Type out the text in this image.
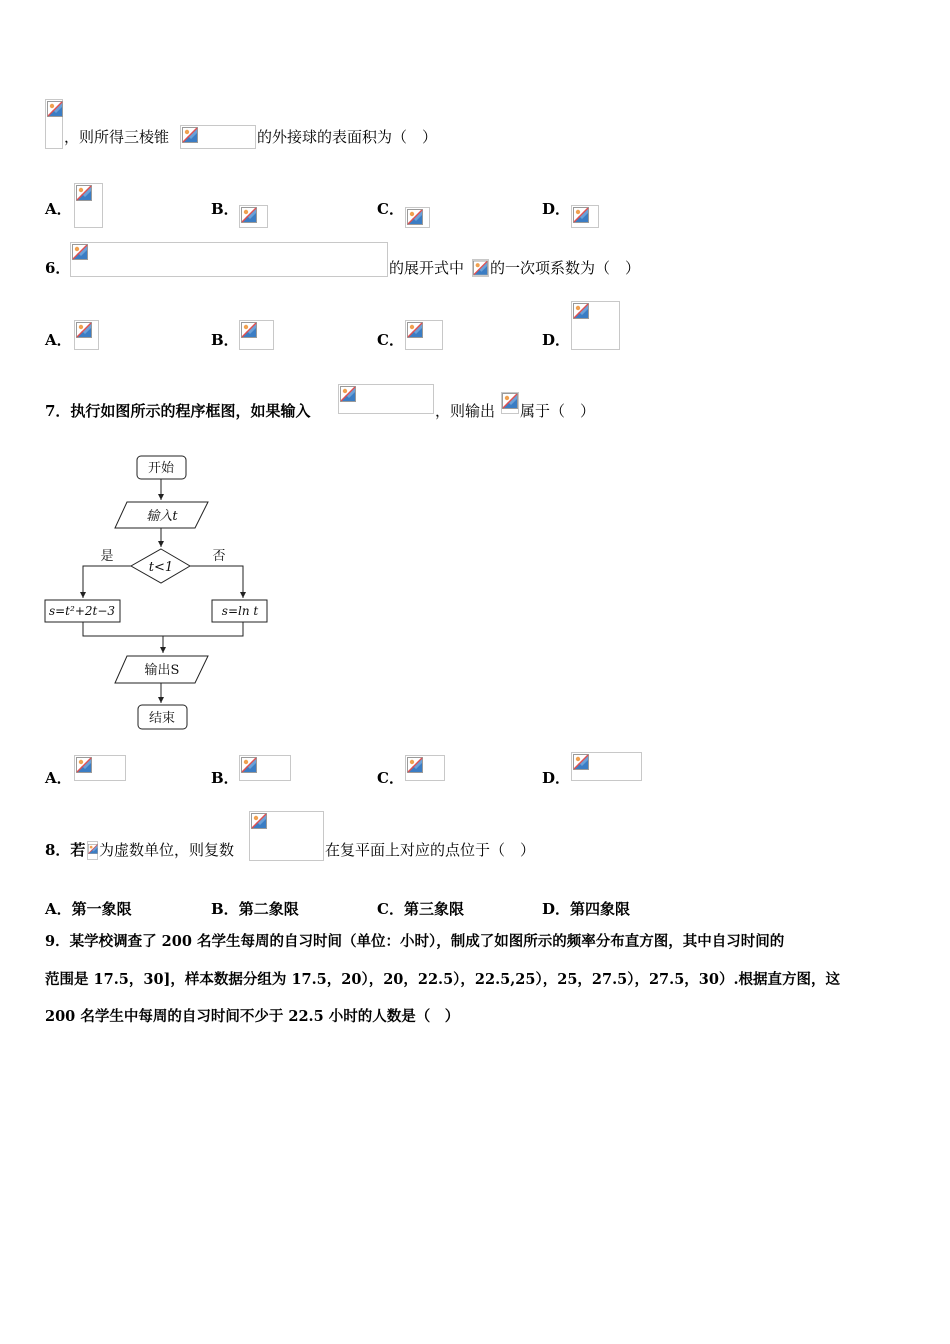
，则所得三棱锥	的外接球的表面积为（　）
A．	B．	C．	D．
6．	的展开式中 的一次项系数为（　）
A．	B．	C．	D．
7．执行如图所示的程序框图，如果输入	，则输出 属于（　）
开始
输入t
t<1
是	否
s=t²+2t−3	s=ln t
输出S
结束
A．	B．	C．	D．
8．若 为虚数单位，则复数	在复平面上对应的点位于（　）
A．第一象限	B．第二象限	C．第三象限	D．第四象限
9．某学校调查了 200 名学生每周的自习时间（单位：小时），制成了如图所示的频率分布直方图，其中自习时间的
范围是 17.5，30]，样本数据分组为 17.5，20），20，22.5），22.5,25），25，27.5），27.5，30）.根据直方图，这
200 名学生中每周的自习时间不少于 22.5 小时的人数是（　）
